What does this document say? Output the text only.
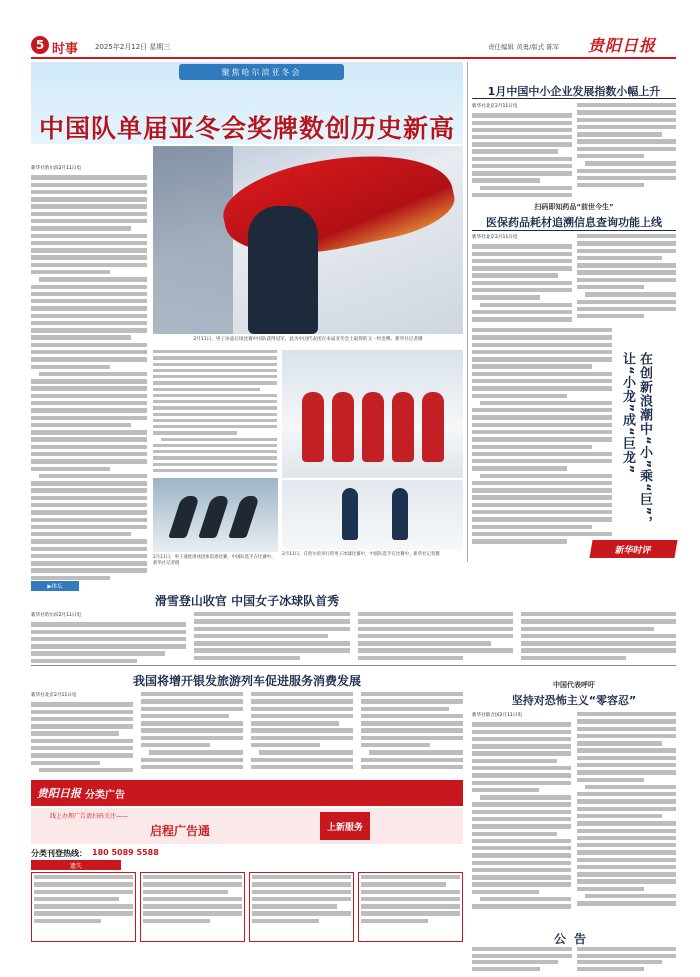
5 时事 2025年2月12日 星期三	责任编辑 黄勇/版式 陈军 贵阳日报
聚焦哈尔滨亚冬会
中国队单届亚冬会奖牌数创历史新高
新华社哈尔滨2月11日电
2月11日，男子冰壶后场比赛中国队获得冠军，此为中国代表团在本届亚冬会上取得的又一枚金牌。新华社记者摄
2月11日，男子速度滑冰团体追逐比赛，中国队选手在比赛中。新华社记者摄
2月11日，在哈尔滨举行的男子冰球比赛中，中国队选手在比赛中。新华社记者摄
1月中国中小企业发展指数小幅上升
新华社北京2月11日电
扫码即知药品“前世今生”
医保药品耗材追溯信息查询功能上线
新华社北京2月11日电
在创新浪潮中“小”乘“巨”，让“小龙”成“巨龙”
新华时评
▶体坛
滑雪登山收官 中国女子冰球队首秀
新华社哈尔滨2月11日电
我国将增开银发旅游列车促进服务消费发展
新华社北京2月11日电
中国代表呼吁
坚持对恐怖主义“零容忍”
新华社联合国2月11日电
贵阳日报 分类广告
线上办理广告请扫码关注——
启程广告通	上新服务
分类刊登热线： 180 5089 5588
遗失
公告
